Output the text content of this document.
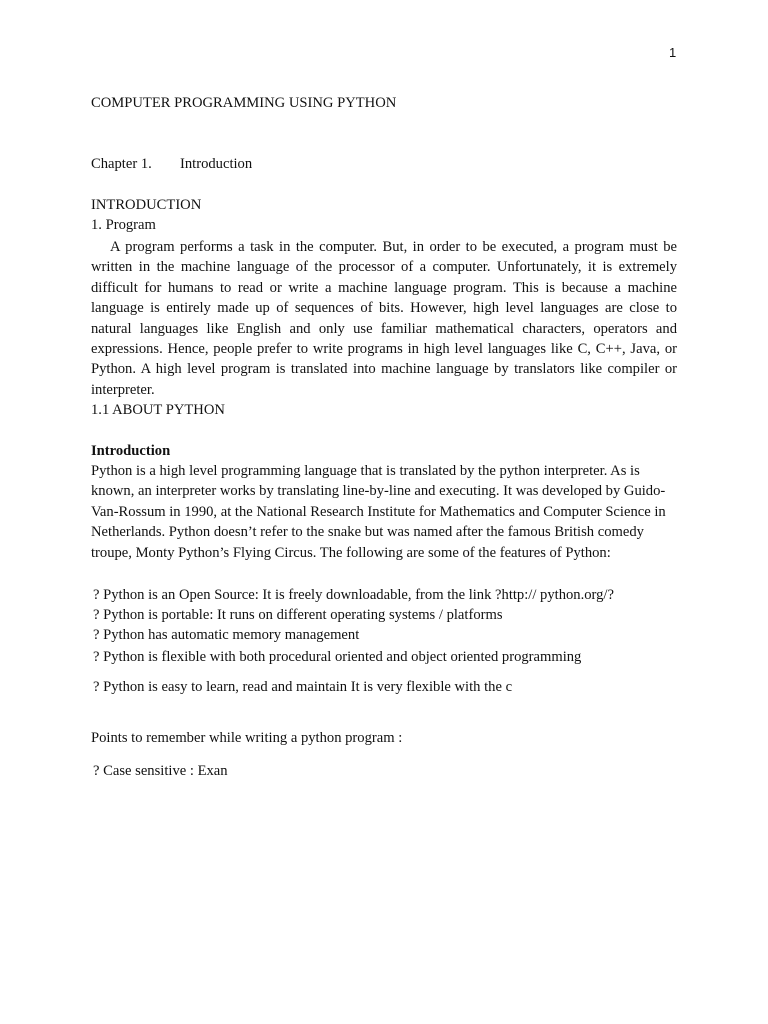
1
COMPUTER PROGRAMMING USING PYTHON
Chapter 1. Introduction
INTRODUCTION
1. Program
A program performs a task in the computer. But, in order to be executed, a program must be written in the machine language of the processor of a computer. Unfortunately, it is extremely difficult for humans to read or write a machine language program. This is because a machine language is entirely made up of sequences of bits. However, high level languages are close to natural languages like English and only use familiar mathematical characters, operators and expressions. Hence, people prefer to write programs in high level languages like C, C++, Java, or Python. A high level program is translated into machine language by translators like compiler or interpreter.
1.1 ABOUT PYTHON
Introduction
Python is a high level programming language that is translated by the python interpreter. As is known, an interpreter works by translating line-by-line and executing. It was developed by Guido-Van-Rossum in 1990, at the National Research Institute for Mathematics and Computer Science in Netherlands. Python doesn’t refer to the snake but was named after the famous British comedy troupe, Monty Python’s Flying Circus. The following are some of the features of Python:
? Python is an Open Source: It is freely downloadable, from the link ?http:// python.org/?
? Python is portable: It runs on different operating systems / platforms
? Python has automatic memory management
? Python is flexible with both procedural oriented and object oriented programming
? Python is easy to learn, read and maintain It is very flexible with the c
Points to remember while writing a python program :
? Case sensitive : Exan
